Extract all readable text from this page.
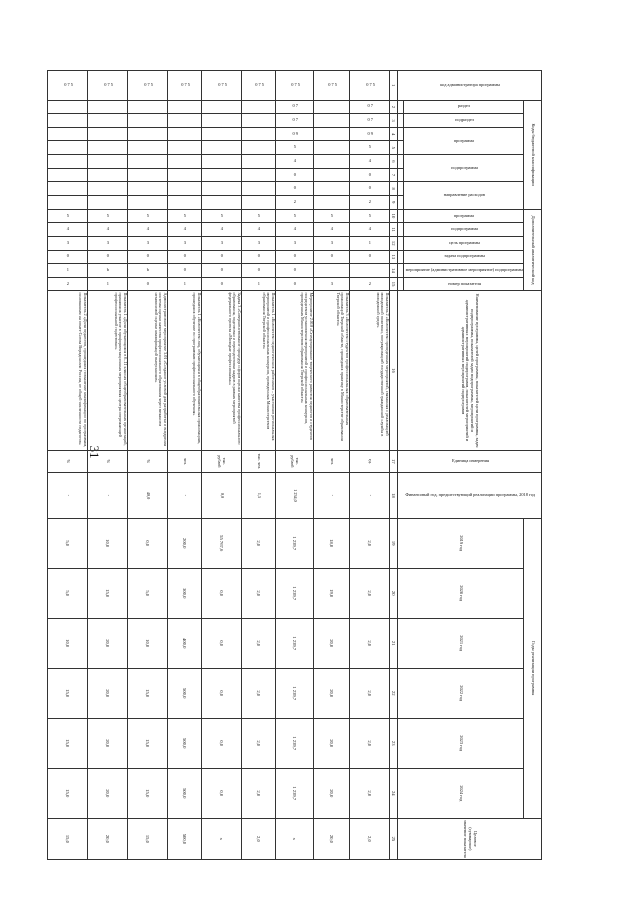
31
код администратора программы	Коды бюджетной классификации								Дополнительный аналитический код						Наименование программы, целей программы, показателей цели программы, задач подпрограммы, показателей задач подпрограммы, мероприятий и административных мероприятий подпрограмм, показателей мероприятий и административных мероприятий подпрограмм	Единица измерения	Финансовый год, предшествующий реализации программы, 2018 год	Годы реализации программы						Целевое (суммарное) значение показателя
	раздел	подраздел	программа		подпрограмма		направление расходов		программа	подпрограмма	цель программы	задача подпрограммы	мероприятие (административное мероприятие) подпрограммы	номер показателя				2019 год	2020 год	2021 год	2022 год	2023 год	2024 год	

1	2	3	4	5	6	7	8	9	10	11	12	13	14	15	16	17	18	19	20	21	22	23	24	25
0 7 5	0 7	0 7	0 9	5	4	0	0	2	5	4	1	0		2	Показатель 2 «Количество проведенных мероприятий, связанных с реализацией молодежной политики, популяризацией государственной гражданской службы в молодежной среде»	ед.	-	2,0	2,0	2,0	2,0	2,0	2,0	2,0
0 7 5									5	4	3	0		3	Показатель 3 «Количество студентов профессиональных образовательных организаций Тверской области, прошедших практику в Министерстве образования Тверской области»	чел.	-	18,0	19,0	20,0	20,0	20,0	20,0	20,0
0 7 5	0 7	0 7	0 9	5	4	0	0	2	5	4	3	0	0	0	Мероприятие 2.010 «Стимулирование творческого развития педагогов и студентов посредством установления мероприятий и профессиональных конкурсов, проведенных Министерством образования Тверской области»	тыс. рублей	1 234,0	1 239,7	1 239,7	1 239,7	1 239,7	1 239,7	1 239,7	х
0 7 5									5	4	3	0	0	1	Показатель 1 «Количество педагогических работников – участников региональных мероприятий и профессиональных конкурсов, проведенных Министерством образования Тверской области»	тыс. чел.	1,5	2,0	2,0	2,0	2,0	2,0	2,0	2,0
0 7 5									5	4	3	0	0	0	Задача 3 «Совершенствование процедур и форм оценки качества профессионального образования, подготовки и переподготовки кадров в рамках мероприятий федерального проекта «Молодые профессионалы»»	тыс. рублей	0,0	55 767,6	0,0	0,0	0,0	0,0	0,0	х
0 7 5									5	4	3	0	0	1	Показатель 1 «Количество лиц, обучающихся в общеобразовательных организациях, прошедших обучение по программам профессионального обучения»	чел.	-	200,0	300,0	400,0	500,0	500,0	500,0	500,0
0 7 5									5	4	3	0	b	0	Административное мероприятие 3.01 «Создание условий для разработки и внедрения системы оценки качества профессионального образования через механизм независимой оценки квалификаций выпускников»	%	40,0	0,0	5,0	10,0	15,0	15,0	15,0	15,0
0 7 5									5	4	3	0	b	1	Показатель 1 «Доля обучающихся в 6–11 классах общеобразовательных организаций, принявших участие в профориентационных мероприятиях центра опережающей профессиональной подготовки»	%	-	10,0	15,0	20,0	20,0	20,0	20,0	20,0
0 7 5									5	4	3	0	1	2	Показатель 2 «Доля педагогов, прошедших повышение квалификации по программам, основанным на опыте Союза Ворлдскиллс Россия, от общей численности педагогов»	%	-	5,0	5,0	10,0	15,0	15,0	15,0	15,0
